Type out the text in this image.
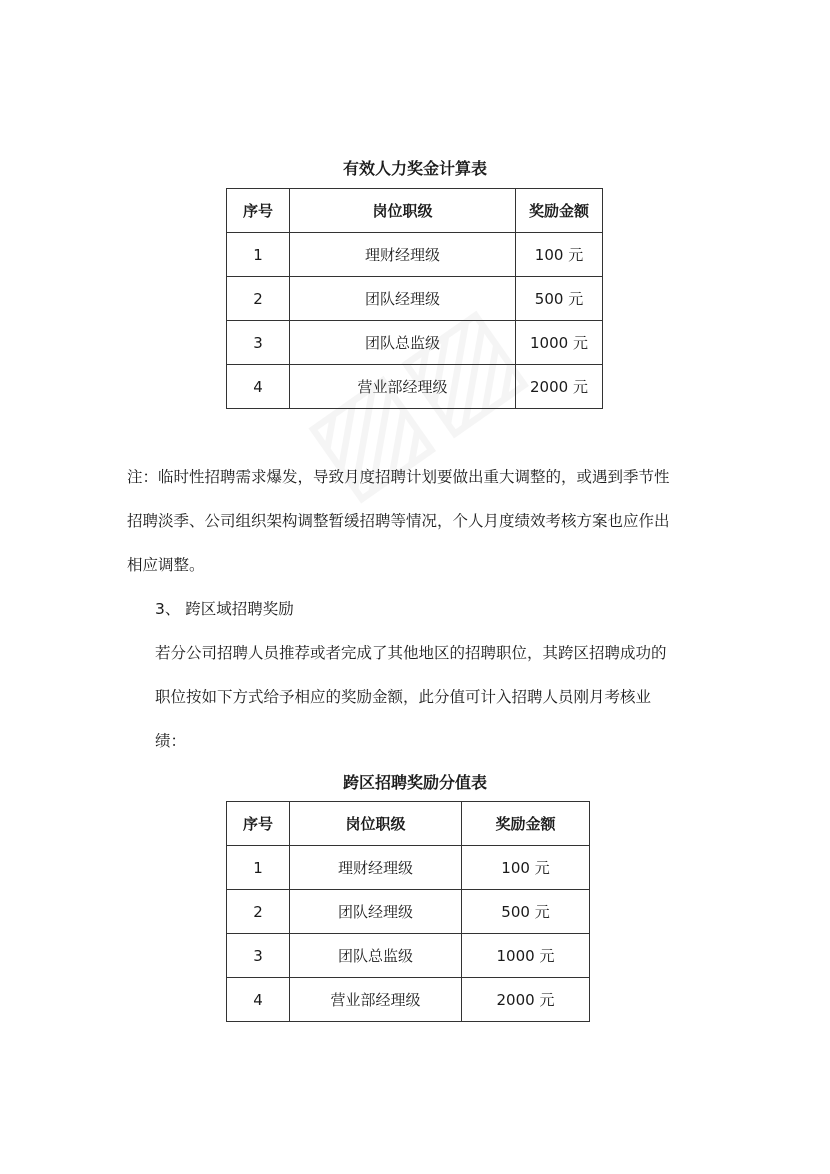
有效人力奖金计算表
序号	岗位职级	奖励金额
1	理财经理级	100 元
2	团队经理级	500 元
3	团队总监级	1000 元
4	营业部经理级	2000 元

注：临时性招聘需求爆发，导致月度招聘计划要做出重大调整的，或遇到季节性

招聘淡季、公司组织架构调整暂缓招聘等情况，个人月度绩效考核方案也应作出

相应调整。

3、 跨区域招聘奖励

若分公司招聘人员推荐或者完成了其他地区的招聘职位，其跨区招聘成功的

职位按如下方式给予相应的奖励金额，此分值可计入招聘人员刚月考核业

绩：

跨区招聘奖励分值表
序号	岗位职级	奖励金额
1	理财经理级	100 元
2	团队经理级	500 元
3	团队总监级	1000 元
4	营业部经理级	2000 元
